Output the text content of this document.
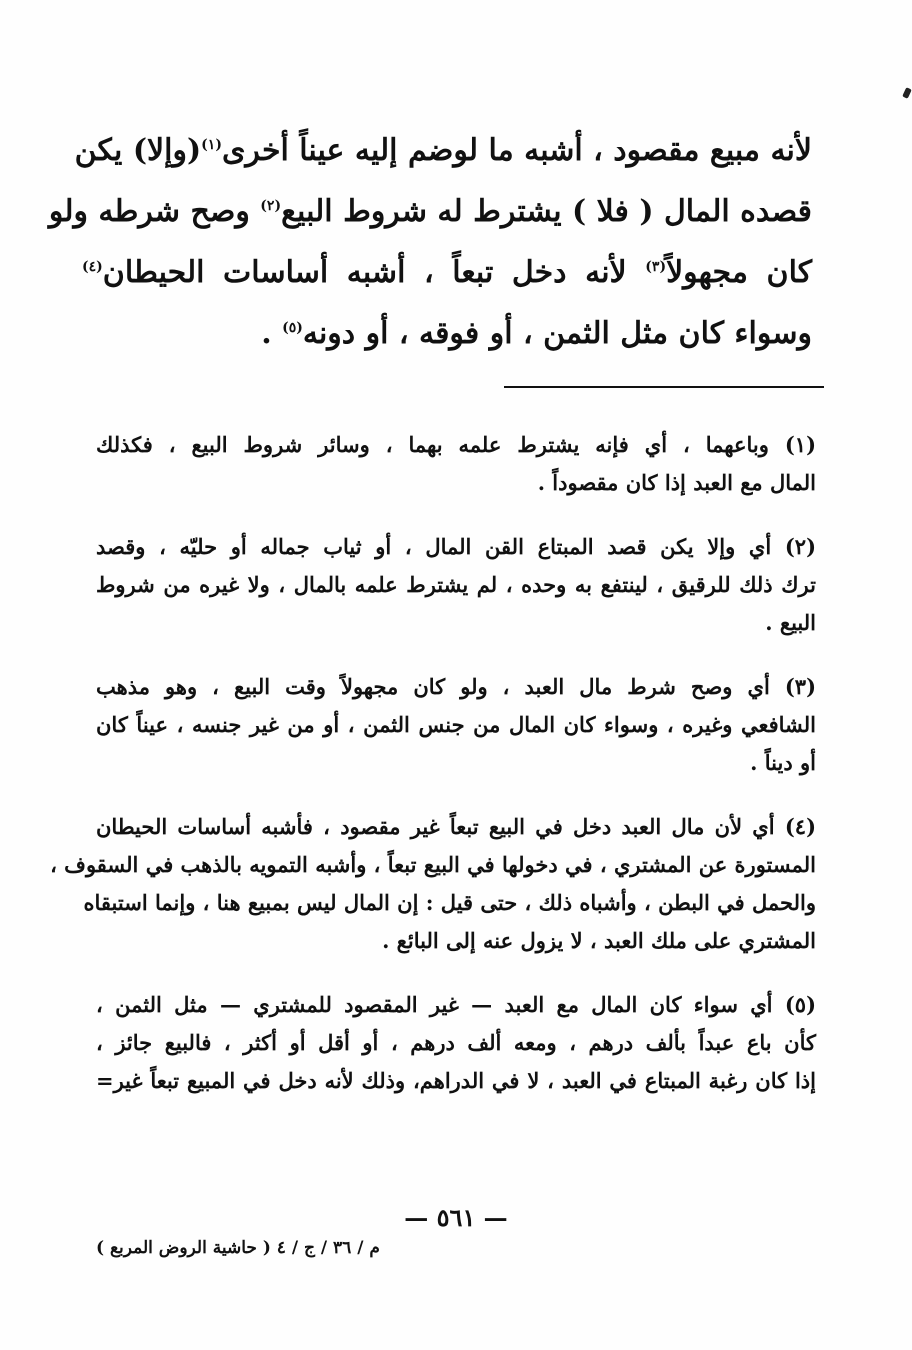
لأنه مبيع مقصود ، أشبه ما لوضم إليه عيناً أخرى$^{(١)}$(وإلا) يكن
قصده المال ( فلا ) يشترط له شروط البيع$^{(٢)}$ وصح شرطه ولو
كان مجهولاً$^{(٣)}$ لأنه دخل تبعاً ، أشبه أساسات الحيطان$^{(٤)}$
وسواء كان مثل الثمن ، أو فوقه ، أو دونه$^{(٥)}$ .
(١) وباعهما ، أي فإنه يشترط علمه بهما ، وسائر شروط البيع ، فكذلك
المال مع العبد إذا كان مقصوداً .
(٢) أي وإلا يكن قصد المبتاع القن المال ، أو ثياب جماله أو حليّه ، وقصد
ترك ذلك للرقيق ، لينتفع به وحده ، لم يشترط علمه بالمال ، ولا غيره من شروط
البيع .
(٣) أي وصح شرط مال العبد ، ولو كان مجهولاً وقت البيع ، وهو مذهب
الشافعي وغيره ، وسواء كان المال من جنس الثمن ، أو من غير جنسه ، عيناً كان
أو ديناً .
(٤) أي لأن مال العبد دخل في البيع تبعاً غير مقصود ، فأشبه أساسات الحيطان
المستورة عن المشتري ، في دخولها في البيع تبعاً ، وأشبه التمويه بالذهب في السقوف ،
والحمل في البطن ، وأشباه ذلك ، حتى قيل : إن المال ليس بمبيع هنا ، وإنما استبقاه
المشتري على ملك العبد ، لا يزول عنه إلى البائع .
(٥) أي سواء كان المال مع العبد — غير المقصود للمشتري — مثل الثمن ،
كأن باع عبداً بألف درهم ، ومعه ألف درهم ، أو أقل أو أكثر ، فالبيع جائز ،
إذا كان رغبة المبتاع في العبد ، لا في الدراهم، وذلك لأنه دخل في المبيع تبعاً غير=
— ٥٦١ —
م / ٣٦ / ج / ٤ ( حاشية الروض المربع )
